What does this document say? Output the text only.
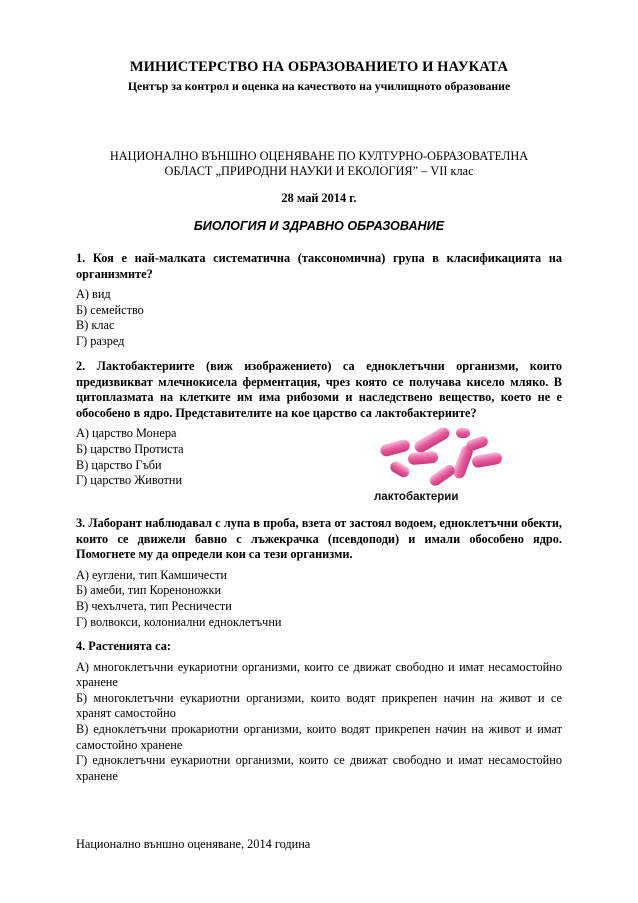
МИНИСТЕРСТВО НА ОБРАЗОВАНИЕТО И НАУКАТА
Център за контрол и оценка на качеството на училищното образование
НАЦИОНАЛНО ВЪНШНО ОЦЕНЯВАНЕ ПО КУЛТУРНО-ОБРАЗОВАТЕЛНА
ОБЛАСТ „ПРИРОДНИ НАУКИ И ЕКОЛОГИЯ” – VII клас
28 май 2014 г.
БИОЛОГИЯ И ЗДРАВНО ОБРАЗОВАНИЕ
1. Коя е най-малката систематична (таксономична) група в класификацията на организмите?
А) вид
Б) семейство
В) клас
Г) разред
2. Лактобактериите (виж изображението) са едноклетъчни организми, които предизвикват млечнокисела ферментация, чрез която се получава кисело мляко. В цитоплазмата на клетките им има рибозоми и наследствено вещество, което не е обособено в ядро. Представителите на кое царство са лактобактериите?
А) царство Монера
Б) царство Протиста
В) царство Гъби
Г) царство Животни
лактобактерии
3. Лаборант наблюдавал с лупа в проба, взета от застоял водоем, едноклетъчни обекти, които се движели бавно с лъжекрачка (псевдоподи) и имали обособено ядро. Помогнете му да определи кои са тези организми.
А) еуглени, тип Камшичести
Б) амеби, тип Кореноножки
В) чехълчета, тип Ресничести
Г) волвокси, колониални едноклетъчни
4. Растенията са:
А) многоклетъчни еукариотни организми, които се движат свободно и имат несамостойно хранене
Б) многоклетъчни еукариотни организми, които водят прикрепен начин на живот и се хранят самостойно
В) едноклетъчни прокариотни организми, които водят прикрепен начин на живот и имат самостойно хранене
Г) едноклетъчни еукариотни организми, които се движат свободно и имат несамостойно хранене
Национално външно оценяване, 2014 година
